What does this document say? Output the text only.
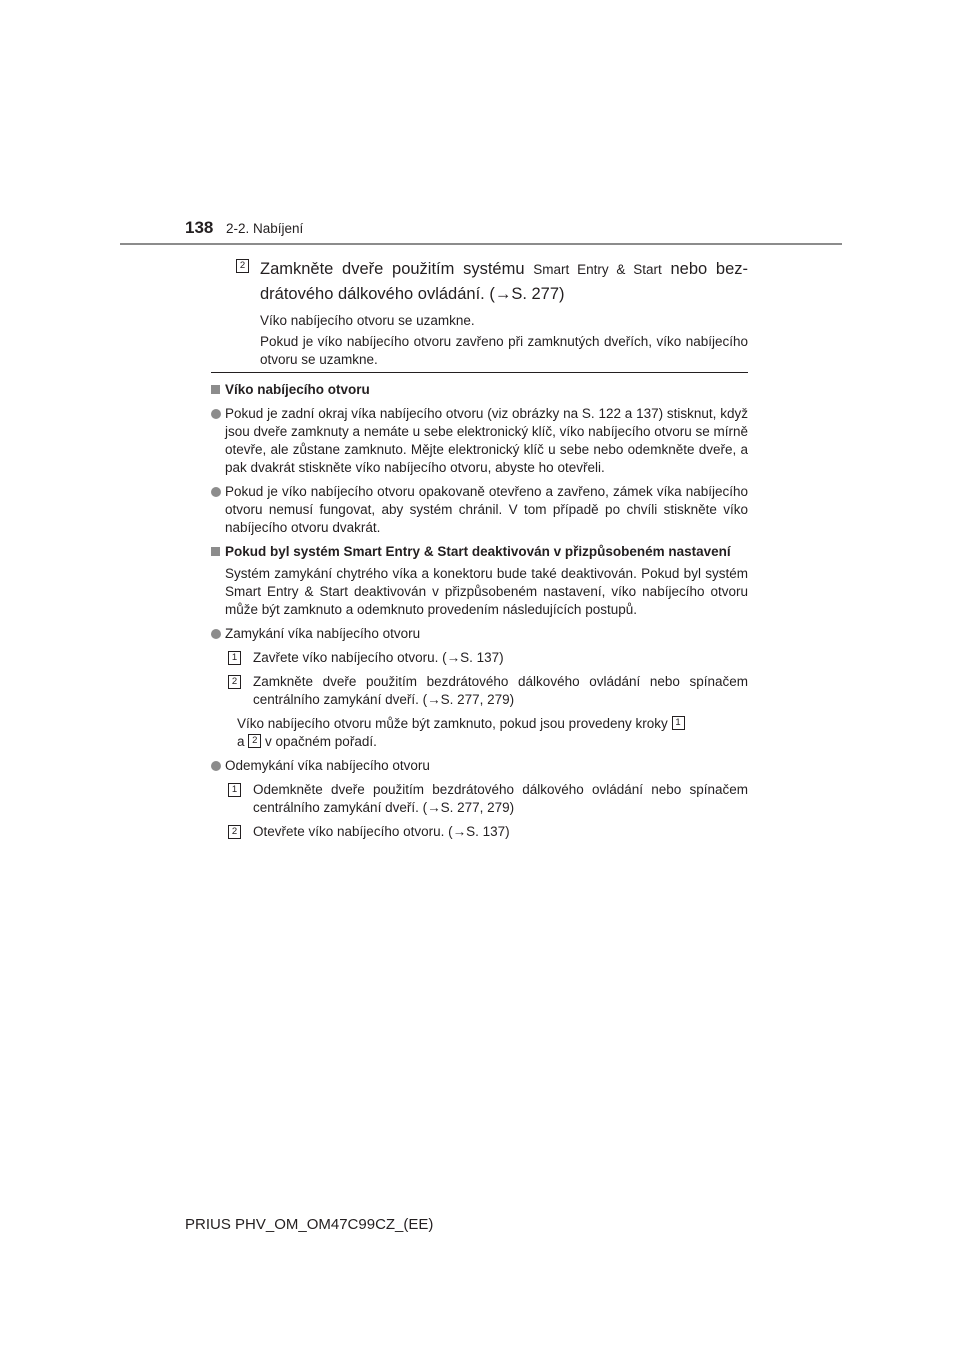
138 2-2. Nabíjení
2 Zamkněte dveře použitím systému Smart Entry & Start nebo bezdrátového dálkového ovládání. (→S. 277)
Víko nabíjecího otvoru se uzamkne.
Pokud je víko nabíjecího otvoru zavřeno při zamknutých dveřích, víko nabíjecího otvoru se uzamkne.
Víko nabíjecího otvoru
Pokud je zadní okraj víka nabíjecího otvoru (viz obrázky na S. 122 a 137) stisknut, když jsou dveře zamknuty a nemáte u sebe elektronický klíč, víko nabíjecího otvoru se mírně otevře, ale zůstane zamknuto. Mějte elektronický klíč u sebe nebo odemkněte dveře, a pak dvakrát stiskněte víko nabíjecího otvoru, abyste ho otevřeli.
Pokud je víko nabíjecího otvoru opakovaně otevřeno a zavřeno, zámek víka nabíjecího otvoru nemusí fungovat, aby systém chránil. V tom případě po chvíli stiskněte víko nabíjecího otvoru dvakrát.
Pokud byl systém Smart Entry & Start deaktivován v přizpůsobeném nastavení
Systém zamykání chytrého víka a konektoru bude také deaktivován. Pokud byl systém Smart Entry & Start deaktivován v přizpůsobeném nastavení, víko nabíjecího otvoru může být zamknuto a odemknuto provedením následujících postupů.
Zamykání víka nabíjecího otvoru
1 Zavřete víko nabíjecího otvoru. (→S. 137)
2 Zamkněte dveře použitím bezdrátového dálkového ovládání nebo spínačem centrálního zamykání dveří. (→S. 277, 279)
Víko nabíjecího otvoru může být zamknuto, pokud jsou provedeny kroky 1
a 2 v opačném pořadí.
Odemykání víka nabíjecího otvoru
1 Odemkněte dveře použitím bezdrátového dálkového ovládání nebo spínačem centrálního zamykání dveří. (→S. 277, 279)
2 Otevřete víko nabíjecího otvoru. (→S. 137)
PRIUS PHV_OM_OM47C99CZ_(EE)
